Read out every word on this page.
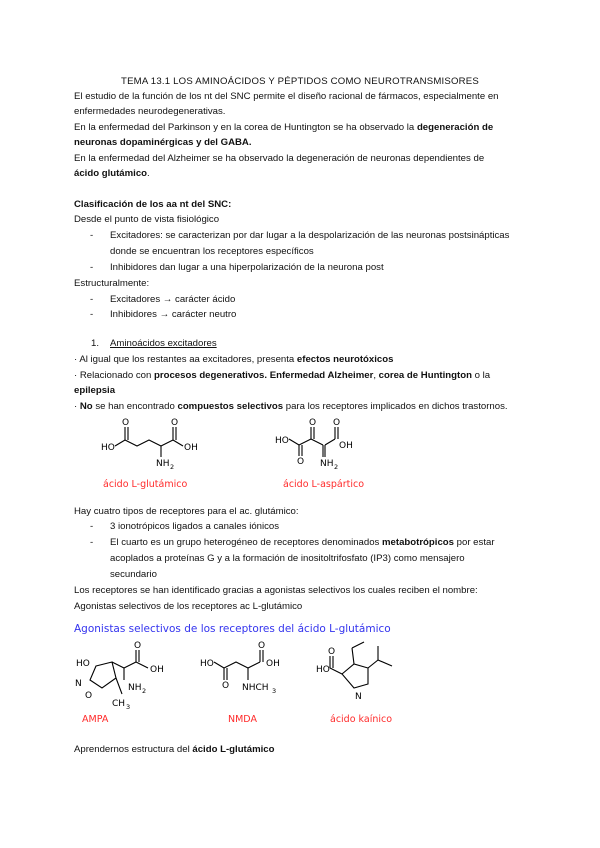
TEMA 13.1 LOS AMINOÁCIDOS Y PÉPTIDOS COMO NEUROTRANSMISORES
El estudio de la función de los nt del SNC permite el diseño racional de fármacos, especialmente en
enfermedades neurodegenerativas.
En la enfermedad del Parkinson y en la corea de Huntington se ha observado la degeneración de
neuronas dopaminérgicas y del GABA.
En la enfermedad del Alzheimer se ha observado la degeneración de neuronas dependientes de
ácido glutámico.
Clasificación de los aa nt del SNC:
Desde el punto de vista fisiológico
- Excitadores: se caracterizan por dar lugar a la despolarización de las neuronas postsinápticas
donde se encuentran los receptores específicos
- Inhibidores dan lugar a una hiperpolarización de la neurona post
Estructuralmente:
- Excitadores → carácter ácido
- Inhibidores → carácter neutro
1. Aminoácidos excitadores
· Al igual que los restantes aa excitadores, presenta efectos neurotóxicos
· Relacionado con procesos degenerativos. Enfermedad Alzheimer, corea de Huntington o la
epilepsia
· No se han encontrado compuestos selectivos para los receptores implicados en dichos trastornos.
HO
O	O
OH
NH 2
HO
O
O O
OH
NH 2
ácido L-glutámico	ácido L-aspártico
Hay cuatro tipos de receptores para el ac. glutámico:
- 3 ionotrópicos ligados a canales iónicos
- El cuarto es un grupo heterogéneo de receptores denominados metabotrópicos por estar
acoplados a proteínas G y a la formación de inositoltrifosfato (IP3) como mensajero
secundario
Los receptores se han identificado gracias a agonistas selectivos los cuales reciben el nombre:
Agonistas selectivos de los receptores ac L-glutámico
Agonistas selectivos de los receptores del ácido L-glutámico
HO
N
O
O
OH
NH 2
CH 3
HO
O
O
OH
NHCH 3
HO
O
N
AMPA	NMDA	ácido kaínico
Aprendernos estructura del ácido L-glutámico
